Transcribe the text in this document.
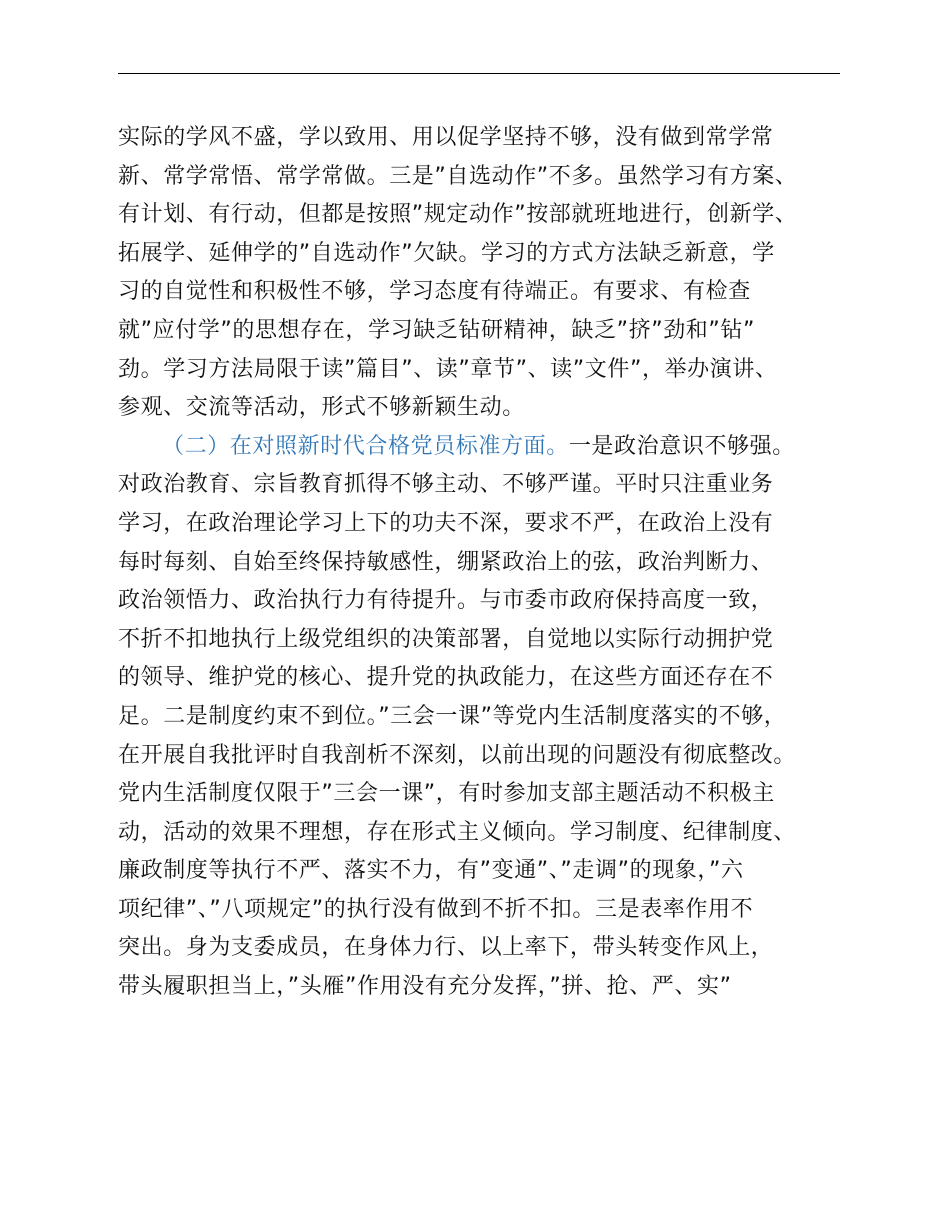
实际的学风不盛，学以致用、用以促学坚持不够，没有做到常学常
新、常学常悟、常学常做。三是”自选动作”不多。虽然学习有方案、
有计划、有行动，但都是按照”规定动作”按部就班地进行，创新学、
拓展学、延伸学的”自选动作”欠缺。学习的方式方法缺乏新意，学
习的自觉性和积极性不够，学习态度有待端正。有要求、有检查
就”应付学”的思想存在，学习缺乏钻研精神，缺乏”挤”劲和”钻”
劲。学习方法局限于读”篇目”、读”章节”、读”文件”，举办演讲、
参观、交流等活动，形式不够新颖生动。
（二）在对照新时代合格党员标准方面。一是政治意识不够强。
对政治教育、宗旨教育抓得不够主动、不够严谨。平时只注重业务
学习，在政治理论学习上下的功夫不深，要求不严，在政治上没有
每时每刻、自始至终保持敏感性，绷紧政治上的弦，政治判断力、
政治领悟力、政治执行力有待提升。与市委市政府保持高度一致，
不折不扣地执行上级党组织的决策部署，自觉地以实际行动拥护党
的领导、维护党的核心、提升党的执政能力，在这些方面还存在不
足。二是制度约束不到位。”三会一课”等党内生活制度落实的不够，
在开展自我批评时自我剖析不深刻，以前出现的问题没有彻底整改。
党内生活制度仅限于”三会一课”，有时参加支部主题活动不积极主
动，活动的效果不理想，存在形式主义倾向。学习制度、纪律制度、
廉政制度等执行不严、落实不力，有”变通”、”走调”的现象，”六
项纪律”、”八项规定”的执行没有做到不折不扣。三是表率作用不
突出。身为支委成员，在身体力行、以上率下，带头转变作风上，
带头履职担当上，”头雁”作用没有充分发挥，”拼、抢、严、实”
